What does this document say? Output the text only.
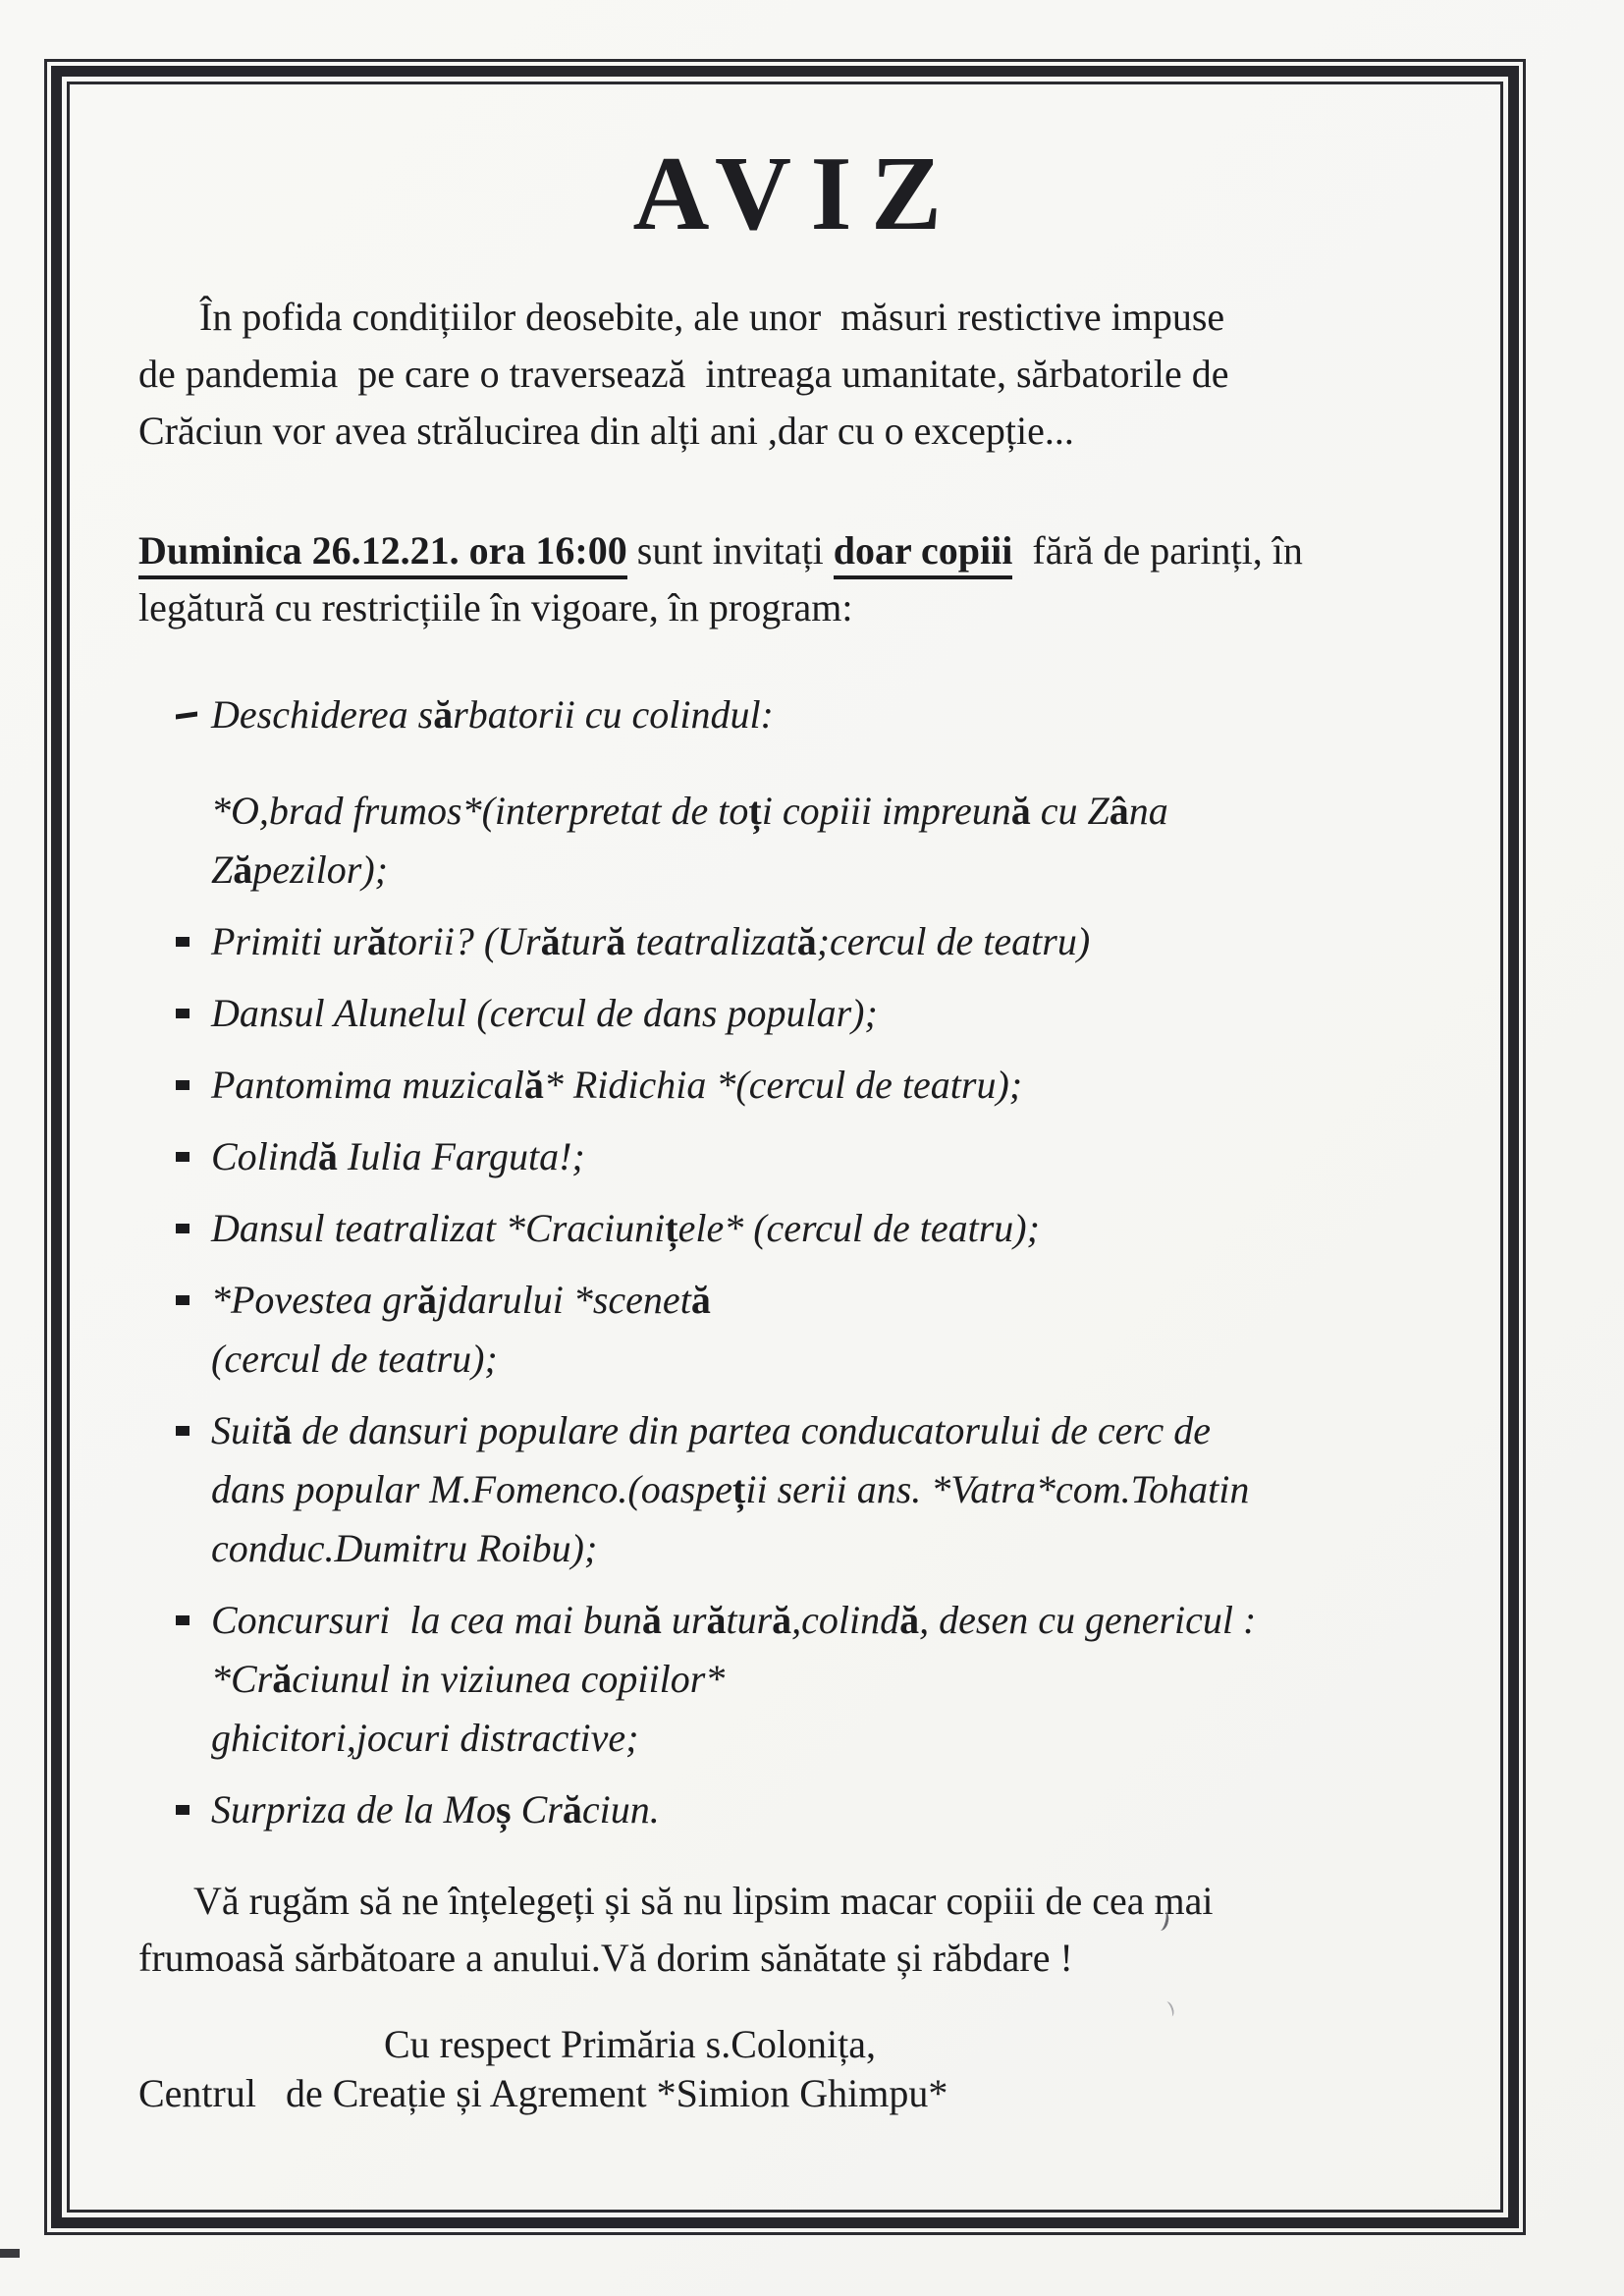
AVIZ

În pofida condițiilor deosebite, ale unor  măsuri restictive impuse
de pandemia  pe care o traversează  intreaga umanitate, sărbatorile de
Crăciun vor avea strălucirea din alți ani ,dar cu o excepție...

Duminica 26.12.21. ora 16:00 sunt invitați doar copiii  fără de parinți, în
legătură cu restricțiile în vigoare, în program:

Deschiderea sărbatorii cu colindul:
*O,brad frumos*(interpretat de toți copiii impreună cu Zâna
Zăpezilor);
Primiti urătorii? (Urătură teatralizată;cercul de teatru)
Dansul Alunelul (cercul de dans popular);
Pantomima muzicală* Ridichia *(cercul de teatru);
Colindă Iulia Farguta!;
Dansul teatralizat *Craciunițele* (cercul de teatru);
*Povestea grăjdarului *scenetă
(cercul de teatru);
Suită de dansuri populare din partea conducatorului de cerc de
dans popular M.Fomenco.(oaspeții serii ans. *Vatra*com.Tohatin
conduc.Dumitru Roibu);
Concursuri  la cea mai bună urătură,colindă, desen cu genericul :
*Crăciunul in viziunea copiilor*
ghicitori,jocuri distractive;
Surpriza de la Moș Crăciun.

Vă rugăm să ne înțelegeți și să nu lipsim macar copiii de cea mai
frumoasă sărbătoare a anului.Vă dorim sănătate și răbdare !

Cu respect Primăria s.Colonița,
Centrul   de Creație și Agrement *Simion Ghimpu*
